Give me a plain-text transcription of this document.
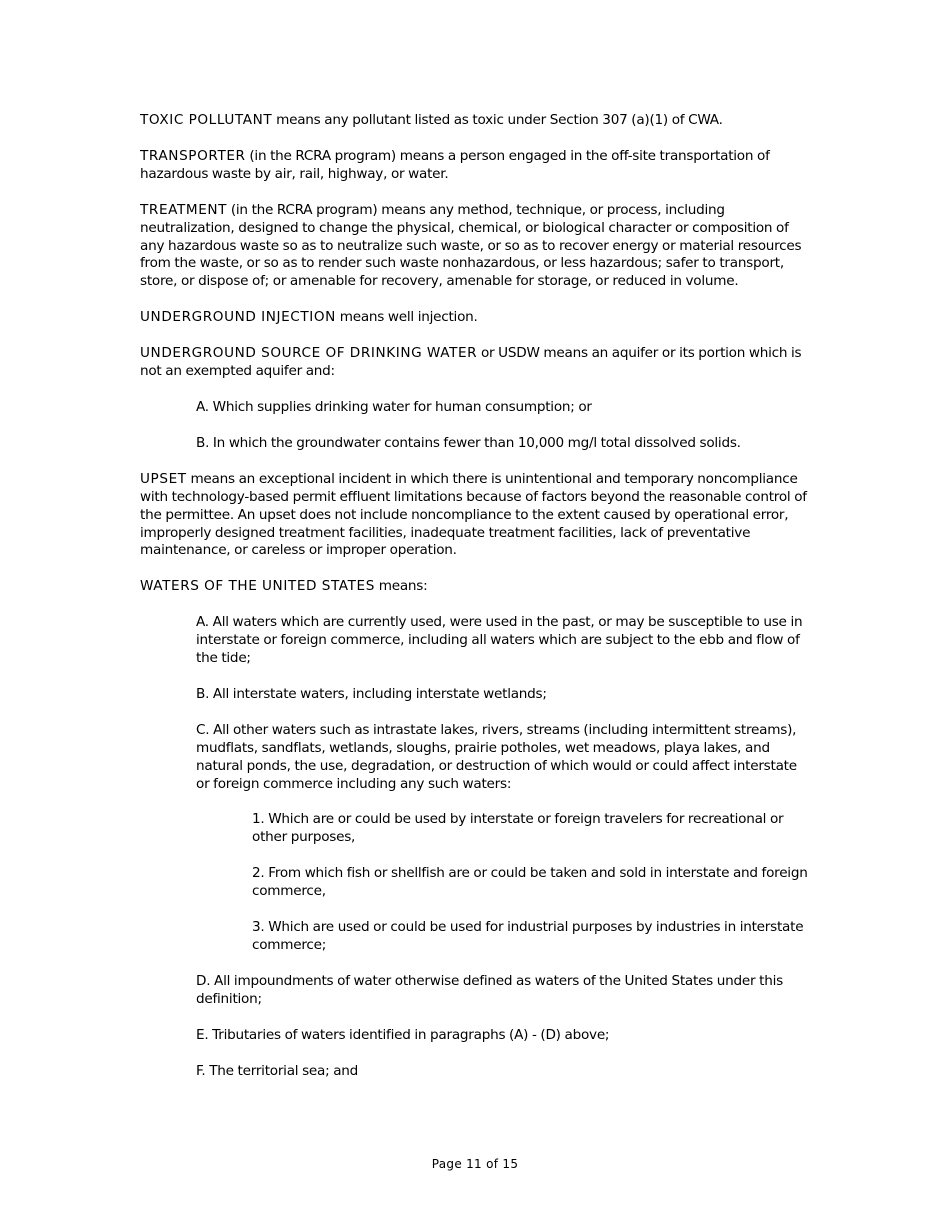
TOXIC POLLUTANT means any pollutant listed as toxic under Section 307 (a)(1) of CWA.

TRANSPORTER (in the RCRA program) means a person engaged in the off-site transportation of hazardous waste by air, rail, highway, or water.

TREATMENT (in the RCRA program) means any method, technique, or process, including neutralization, designed to change the physical, chemical, or biological character or composition of any hazardous waste so as to neutralize such waste, or so as to recover energy or material resources from the waste, or so as to render such waste nonhazardous, or less hazardous; safer to transport, store, or dispose of; or amenable for recovery, amenable for storage, or reduced in volume.

UNDERGROUND INJECTION means well injection.

UNDERGROUND SOURCE OF DRINKING WATER or USDW means an aquifer or its portion which is not an exempted aquifer and:

A. Which supplies drinking water for human consumption; or

B. In which the groundwater contains fewer than 10,000 mg/l total dissolved solids.

UPSET means an exceptional incident in which there is unintentional and temporary noncompliance with technology-based permit effluent limitations because of factors beyond the reasonable control of the permittee. An upset does not include noncompliance to the extent caused by operational error, improperly designed treatment facilities, inadequate treatment facilities, lack of preventative maintenance, or careless or improper operation.

WATERS OF THE UNITED STATES means:

A. All waters which are currently used, were used in the past, or may be susceptible to use in interstate or foreign commerce, including all waters which are subject to the ebb and flow of the tide;

B. All interstate waters, including interstate wetlands;

C. All other waters such as intrastate lakes, rivers, streams (including intermittent streams), mudflats, sandflats, wetlands, sloughs, prairie potholes, wet meadows, playa lakes, and natural ponds, the use, degradation, or destruction of which would or could affect interstate or foreign commerce including any such waters:

1. Which are or could be used by interstate or foreign travelers for recreational or other purposes,

2. From which fish or shellfish are or could be taken and sold in interstate and foreign commerce,

3. Which are used or could be used for industrial purposes by industries in interstate commerce;

D. All impoundments of water otherwise defined as waters of the United States under this definition;

E. Tributaries of waters identified in paragraphs (A) - (D) above;

F. The territorial sea; and

Page 11 of 15
